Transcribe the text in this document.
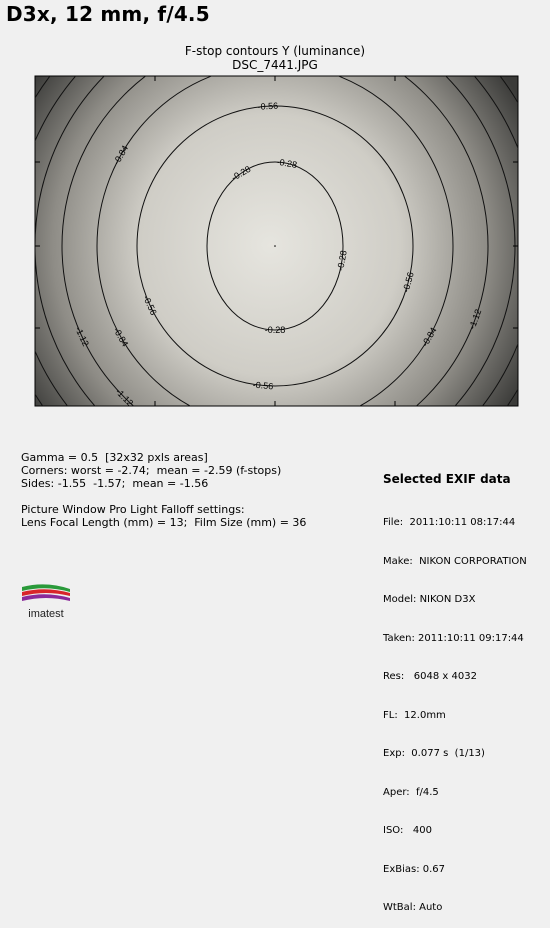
D3x, 12 mm, f/4.5
F-stop contours Y (luminance)
DSC_7441.JPG
-0.28
-0.28
-0.28
-0.28
-0.56
-0.56
-0.56
-0.56
-0.84
-0.84
-0.84
-1.12
-1.12
-1.12
Gamma = 0.5  [32x32 pxls areas]
Corners: worst = -2.74;  mean = -2.59 (f-stops)
Sides: -1.55  -1.57;  mean = -1.56

Picture Window Pro Light Falloff settings:
Lens Focal Length (mm) = 13;  Film Size (mm) = 36

Selected EXIF data

File:  2011:10:11 08:17:44

Make:  NIKON CORPORATION

Model: NIKON D3X

Taken: 2011:10:11 09:17:44

Res:   6048 x 4032

FL:  12.0mm

Exp:  0.077 s  (1/13)

Aper:  f/4.5

ISO:   400

ExBias: 0.67

WtBal: Auto

imatest
